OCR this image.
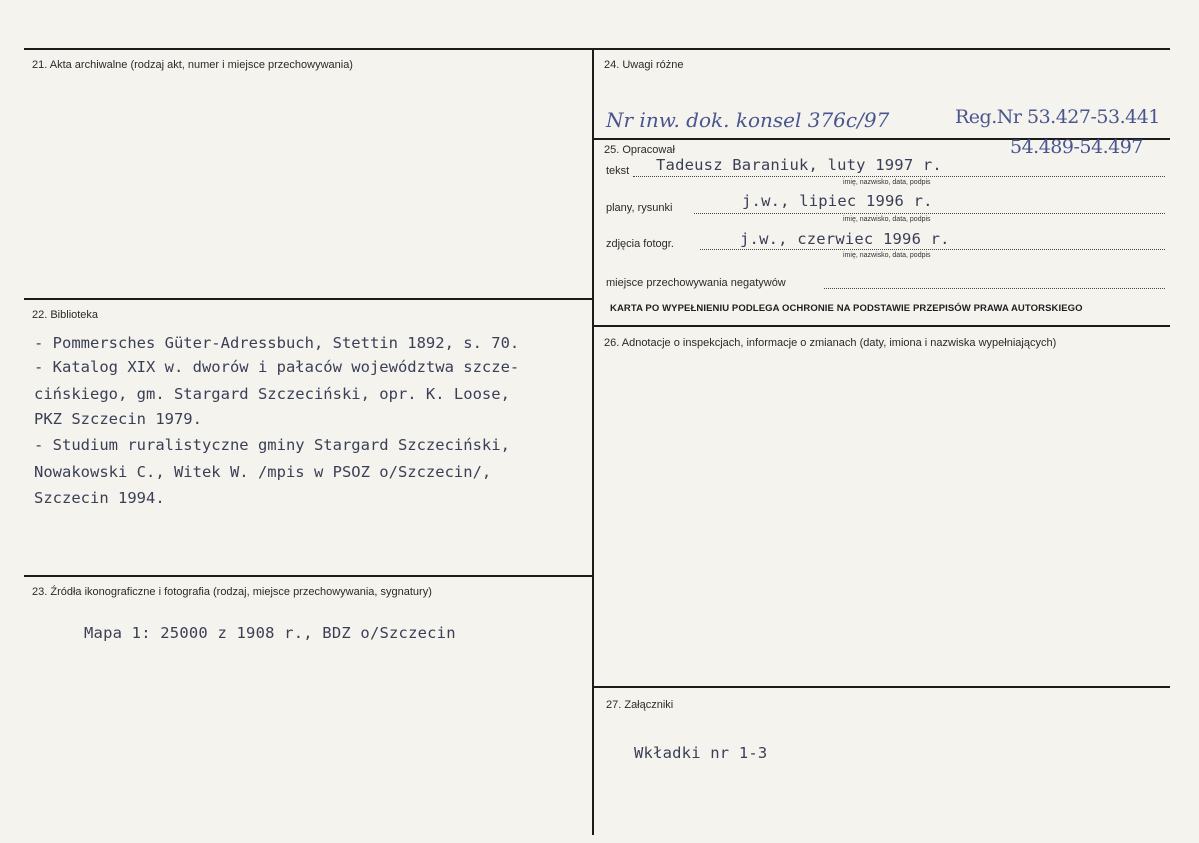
21. Akta archiwalne (rodzaj akt, numer i miejsce przechowywania)
22. Biblioteka
- Pommersches Güter-Adressbuch, Stettin 1892, s. 70.
- Katalog XIX w. dworów i pałaców województwa szcze-
cińskiego, gm. Stargard Szczeciński, opr. K. Loose,
PKZ Szczecin 1979.
- Studium ruralistyczne gminy Stargard Szczeciński,
Nowakowski C., Witek W. /mpis w PSOZ o/Szczecin/,
Szczecin 1994.
23. Źródła ikonograficzne i fotografia (rodzaj, miejsce przechowywania, sygnatury)
Mapa 1: 25000 z 1908 r., BDZ o/Szczecin
24. Uwagi różne
Nr inw. dok. konsel 376c/97	Reg.Nr 53.427-53.441
54.489-54.497
25. Opracował
tekst Tadeusz Baraniuk, luty 1997 r.
imię, nazwisko, data, podpis
plany, rysunki	j.w., lipiec 1996 r.
imię, nazwisko, data, podpis
zdjęcia fotogr.	j.w., czerwiec 1996 r.
imię, nazwisko, data, podpis
miejsce przechowywania negatywów
KARTA PO WYPEŁNIENIU PODLEGA OCHRONIE NA PODSTAWIE PRZEPISÓW PRAWA AUTORSKIEGO
26. Adnotacje o inspekcjach, informacje o zmianach (daty, imiona i nazwiska wypełniających)
27. Załączniki
Wkładki nr 1-3
